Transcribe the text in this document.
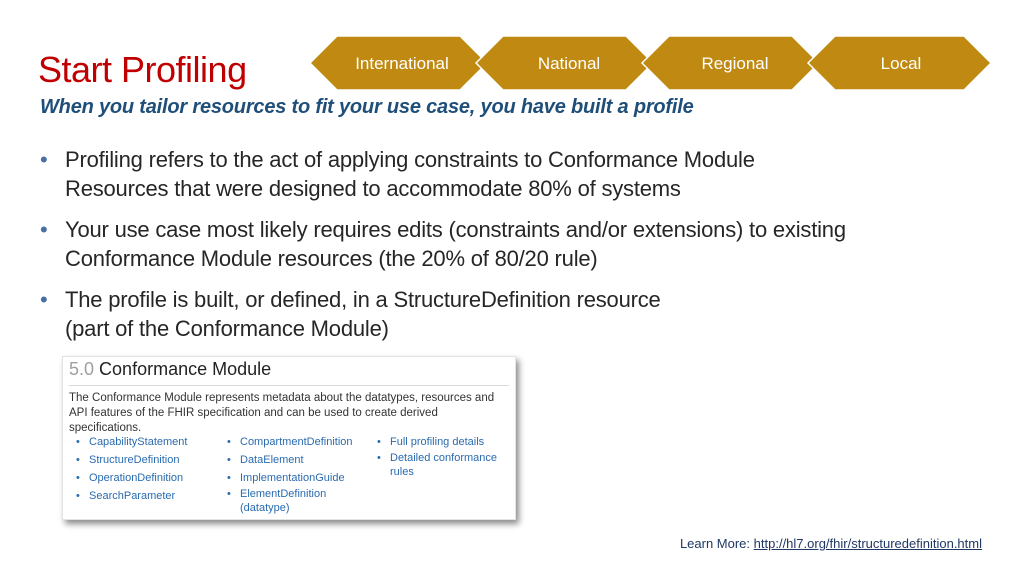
Start Profiling	International	National	Regional	Local
When you tailor resources to fit your use case, you have built a profile
• Profiling refers to the act of applying constraints to Conformance Module
Resources that were designed to accommodate 80% of systems
• Your use case most likely requires edits (constraints and/or extensions) to existing
Conformance Module resources (the 20% of 80/20 rule)
• The profile is built, or defined, in a StructureDefinition resource
(part of the Conformance Module)
5.0 Conformance Module
The Conformance Module represents metadata about the datatypes, resources and API features of the FHIR specification and can be used to create derived specifications.
• CapabilityStatement
• StructureDefinition
• OperationDefinition
• SearchParameter
• CompartmentDefinition
• DataElement
• ImplementationGuide
• ElementDefinition
(datatype)
• Full profiling details
• Detailed conformance
rules
Learn More: http://hl7.org/fhir/structuredefinition.html
